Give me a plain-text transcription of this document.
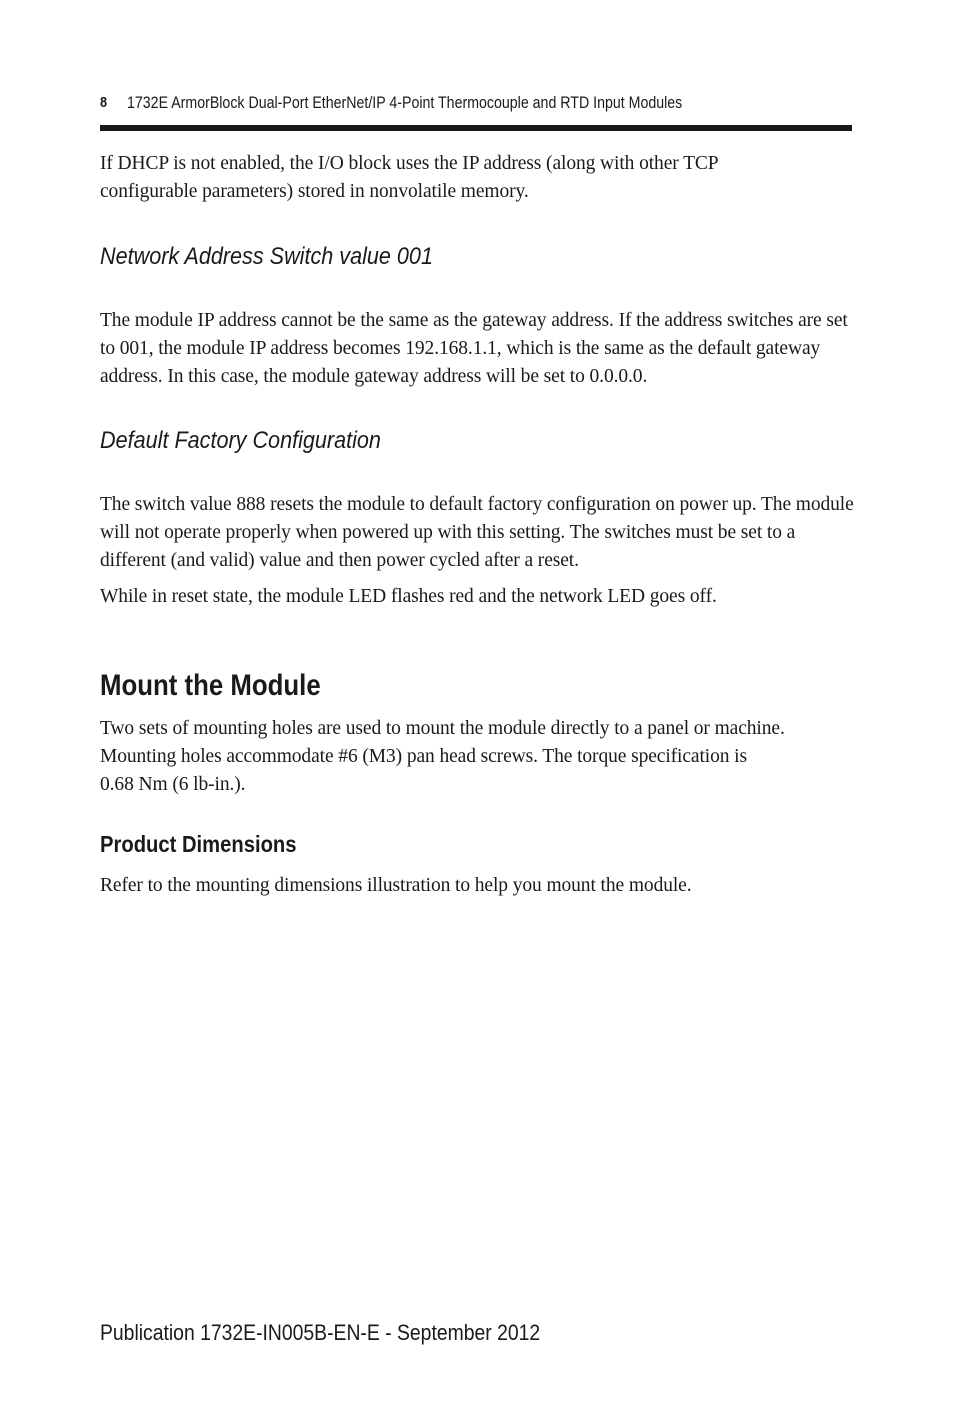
8 1732E ArmorBlock Dual-Port EtherNet/IP 4-Point Thermocouple and RTD Input Modules

If DHCP is not enabled, the I/O block uses the IP address (along with other TCP configurable parameters) stored in nonvolatile memory.

Network Address Switch value 001

The module IP address cannot be the same as the gateway address. If the address switches are set to 001, the module IP address becomes 192.168.1.1, which is the same as the default gateway address. In this case, the module gateway address will be set to 0.0.0.0.

Default Factory Configuration

The switch value 888 resets the module to default factory configuration on power up. The module will not operate properly when powered up with this setting. The switches must be set to a different (and valid) value and then power cycled after a reset.

While in reset state, the module LED flashes red and the network LED goes off.

Mount the Module

Two sets of mounting holes are used to mount the module directly to a panel or machine.
Mounting holes accommodate #6 (M3) pan head screws. The torque specification is
0.68 Nm (6 lb-in.).

Product Dimensions

Refer to the mounting dimensions illustration to help you mount the module.

Publication 1732E-IN005B-EN-E - September 2012
